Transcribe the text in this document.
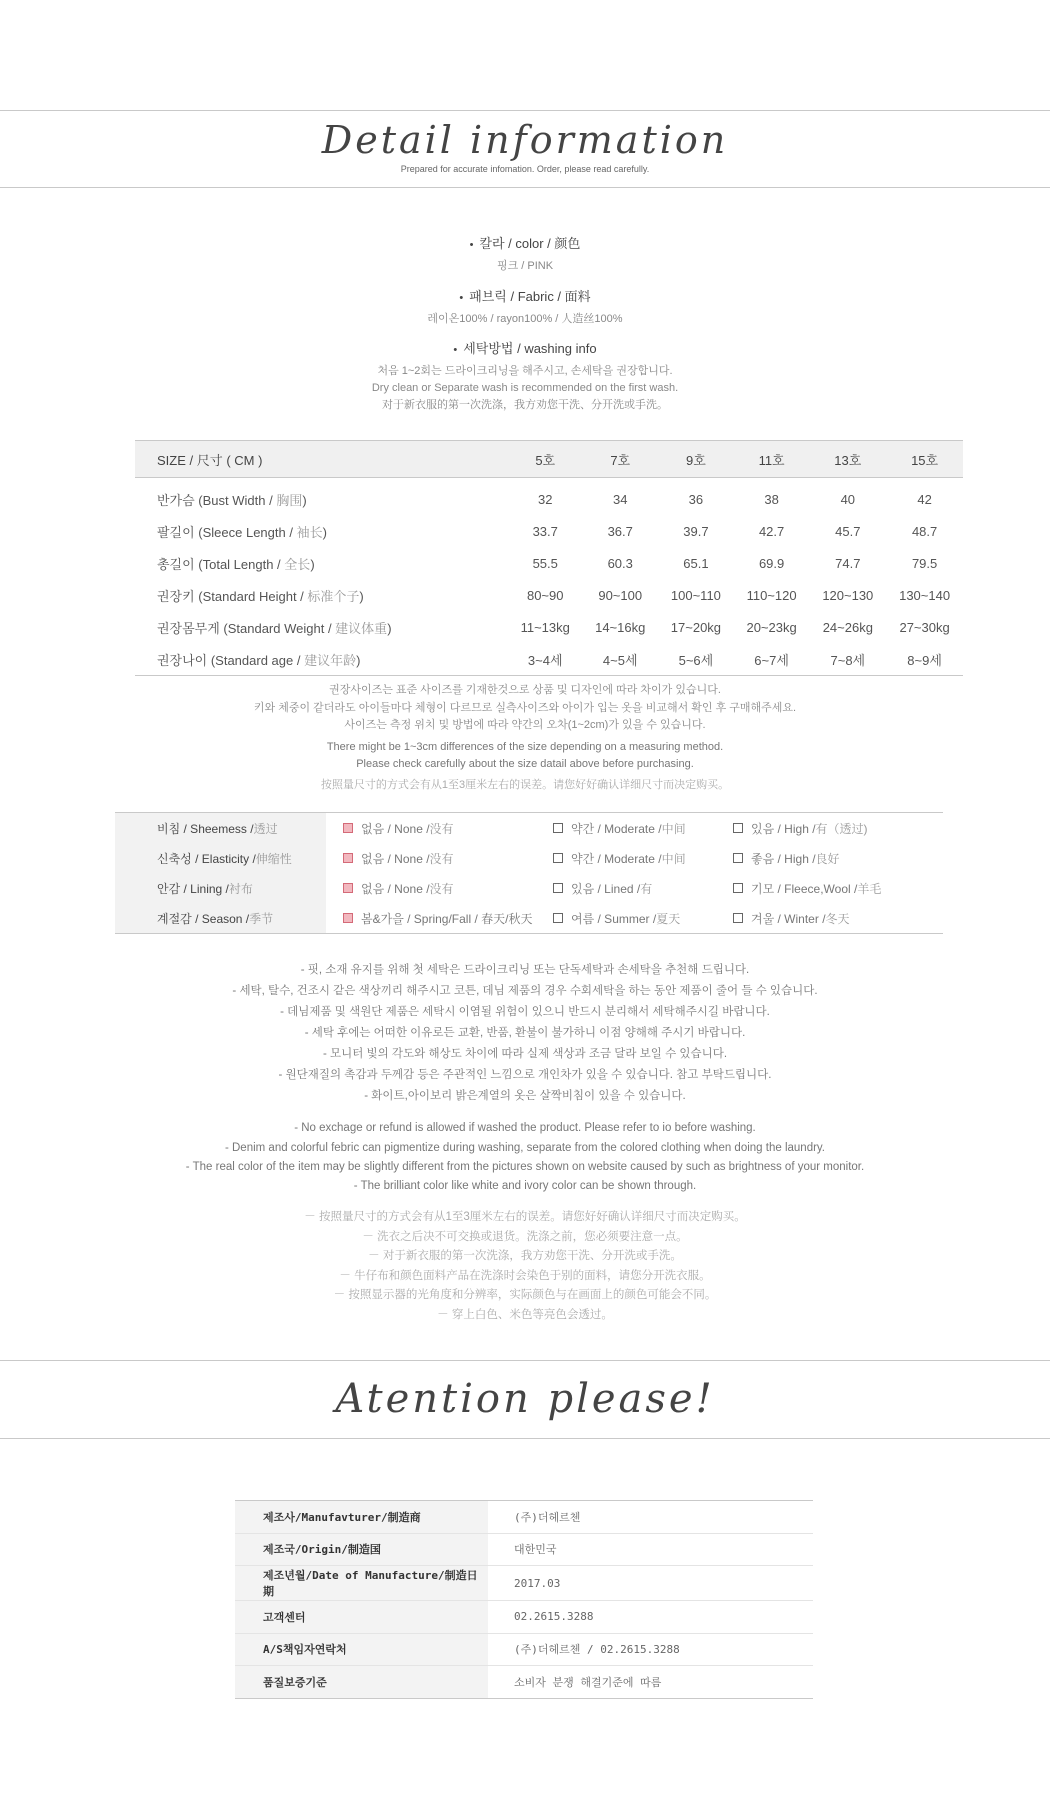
Detail information
Prepared for accurate infomation. Order, please read carefully.
• 칼라 / color / 颜色
핑크 / PINK
• 패브릭 / Fabric / 面料
레이온100% / rayon100% / 人造丝100%
• 세탁방법 / washing info
처음 1~2회는 드라이크리닝을 해주시고, 손세탁을 권장합니다.
Dry clean or Separate wash is recommended on the first wash.
对于新衣服的第一次洗涤，我方劝您干洗、分开洗或手洗。
SIZE / 尺寸 ( CM )	5호	7호	9호	11호	13호	15호
반가슴 (Bust Width / 胸围)	32	34	36	38	40	42
팔길이 (Sleece Length / 袖长)	33.7	36.7	39.7	42.7	45.7	48.7
총길이 (Total Length / 全长)	55.5	60.3	65.1	69.9	74.7	79.5
권장키 (Standard Height / 标准个子)	80~90	90~100	100~110	110~120	120~130	130~140
권장몸무게 (Standard Weight / 建议体重)	11~13kg	14~16kg	17~20kg	20~23kg	24~26kg	27~30kg
권장나이 (Standard age / 建议年龄)	3~4세	4~5세	5~6세	6~7세	7~8세	8~9세
권장사이즈는 표준 사이즈를 기재한것으로 상품 및 디자인에 따라 차이가 있습니다.
키와 체중이 같더라도 아이들마다 체형이 다르므로 실측사이즈와 아이가 입는 옷을 비교해서 확인 후 구매해주세요.
사이즈는 측정 위치 및 방법에 따라 약간의 오차(1~2cm)가 있을 수 있습니다.
There might be 1~3cm differences of the size depending on a measuring method.
Please check carefully about the size datail above before purchasing.
按照量尺寸的方式会有从1至3厘米左右的误差。请您好好确认详细尺寸而决定购买。
비침 / Sheemess / 透过	없음 / None / 没有	약간 / Moderate / 中间	있음 / High / 有（透过)
신축성 / Elasticity / 伸缩性	없음 / None / 没有	약간 / Moderate / 中间	좋음 / High / 良好
안감 / Lining / 衬布	없음 / None / 没有	있음 / Lined / 有	기모 / Fleece,Wool / 羊毛
계절감 / Season / 季节	봄&가을 / Spring/Fall / 春天/秋天	여름 / Summer / 夏天	겨울 / Winter / 冬天
- 핏, 소재 유지를 위해 첫 세탁은 드라이크리닝 또는 단독세탁과 손세탁을 추천해 드립니다.
- 세탁, 탈수, 건조시 같은 색상끼리 해주시고 코튼, 데님 제품의 경우 수회세탁을 하는 동안 제품이 줄어 들 수 있습니다.
- 데님제품 및 색원단 제품은 세탁시 이염될 위험이 있으니 반드시 분리해서 세탁해주시길 바랍니다.
- 세탁 후에는 어떠한 이유로든 교환, 반품, 환불이 불가하니 이점 양해해 주시기 바랍니다.
- 모니터 빛의 각도와 해상도 차이에 따라 실제 색상과 조금 달라 보일 수 있습니다.
- 원단재질의 촉감과 두께감 등은 주관적인 느낌으로 개인차가 있을 수 있습니다. 참고 부탁드립니다.
- 화이트,아이보리 밝은계열의 옷은 살짝비침이 있을 수 있습니다.
- No exchage or refund is allowed if washed the product. Please refer to io before washing.
- Denim and colorful febric can pigmentize during washing, separate from the colored clothing when doing the laundry.
- The real color of the item may be slightly different from the pictures shown on website caused by such as brightness of your monitor.
- The brilliant color like white and ivory color can be shown through.
－ 按照量尺寸的方式会有从1至3厘米左右的误差。请您好好确认详细尺寸而决定购买。
－ 洗衣之后决不可交换或退货。洗涤之前，您必须要注意一点。
－ 对于新衣服的第一次洗涤，我方劝您干洗、分开洗或手洗。
－ 牛仔布和颜色面料产品在洗涤时会染色于别的面料，请您分开洗衣服。
－ 按照显示器的光角度和分辨率，实际颜色与在画面上的颜色可能会不同。
－ 穿上白色、米色等亮色会透过。
Atention please!
제조사/Manufavturer/制造商	(주)더헤르첸
제조국/Origin/制造国	대한민국
제조년월/Date of Manufacture/制造日期	2017.03
고객센터	02.2615.3288
A/S책임자연락처	(주)더헤르첸 / 02.2615.3288
품질보증기준	소비자 분쟁 해결기준에 따름
